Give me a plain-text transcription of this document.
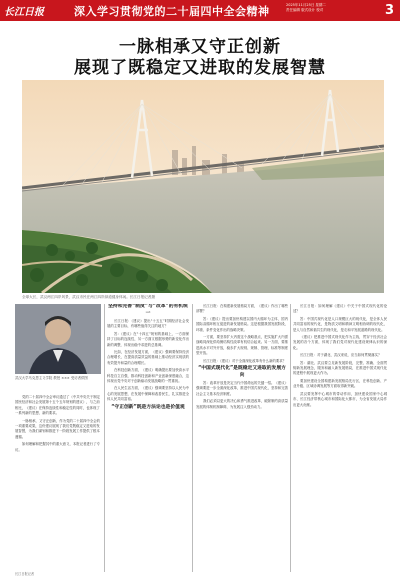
长江日报	深入学习贯彻党的二十届四中全会精神	2025年11月25日 星期二
责任编辑 版式设计 校对	3
一脉相承又守正创新
展现了既稳定又进取的发展智慧
全球大长，武汉两江四岸风景，武汉市民在两江四岸绿道健身休闲。长江日报记者摄
武汉大学马克思主义学院 教授 ××× 受访者供图

党的二十届四中全会审议通过了《中共中央关于制定国民经济和社会发展第十五个五年规划的建议》，与之前相比，《建议》在保持连续性和稳定性的同时，也体现了一系列新的思想、新的要求。

一脉相承，又守正创新，作为党的二十届四中全会的一项重要成果，这份建议展现了我们党既稳定又进取的发展智慧，为我们谋划和推进下一阶段发展工作提供了根本遵循。

如何理解和把握其中的重大意义，本报记者进行了专访。

长江日报记者

坚持和完善“制度”与“改革”的有机统一

长江日报：《建议》提出“十五五”时期经济社会发展的主要目标，有哪些值得关注的地方？

答：《建议》在“十四五”规划的基础上，一方面保持了目标的连续性，另一方面又根据形势的新变化作出新的调整，体现出稳中求进的总基调。

比如，在经济发展方面，《建议》强调要保持经济合理增长，在提高质量效益的基础上推动经济实现质的有效提升和量的合理增长。

在科技创新方面，《建议》明确提出要加快高水平科技自立自强，推动科技创新和产业创新深度融合，这体现出党中央对于创新驱动发展战略的一贯重视。

在人民生活方面，《建议》强调要坚持以人民为中心的发展思想，在发展中保障和改善民生，扎实推进全体人民共同富裕。

“守正创新”既是方法论也是价值观

长江日报：在构建新发展格局方面，《建议》作出了哪些部署？

答：《建议》提出要加快构建以国内大循环为主体、国内国际双循环相互促进的新发展格局。这是根据我国发展阶段、环境、条件变化作出的战略决策。

一方面，要坚持扩大内需这个战略基点，把实施扩大内需战略同深化供给侧结构性改革有机结合起来。另一方面，要推进高水平对外开放，稳步扩大规则、规制、管理、标准等制度型开放。

长江日报：《建议》对于全面深化改革有什么新的要求？

“中国式现代化”是既稳定又进取的发展方向

答：改革开放是决定当代中国命运的关键一招。《建议》强调要进一步全面深化改革，推进中国式现代化，坚持和完善社会主义基本经济制度。

我们必须以更大的决心和勇气推进改革，破除制约高质量发展的体制机制障碍，为发展注入强劲动力。

长江日报：如何理解《建议》中关于中国式现代化的论述？

答：中国式现代化是人口规模巨大的现代化，是全体人民共同富裕的现代化，是物质文明和精神文明相协调的现代化，是人与自然和谐共生的现代化，是走和平发展道路的现代化。

《建议》把推进中国式现代化作为主线，贯穿于经济社会发展的各个方面，体现了我们党对现代化建设规律认识的深化。

长江日报：对于湖北、武汉来说，应当如何贯彻落实？

答：湖北、武汉要立足新发展阶段，完整、准确、全面贯彻新发展理念，服务和融入新发展格局，在推进中国式现代化的进程中展现更大作为。

要加快建设全国构建新发展格局先行区，在科技创新、产业升级、区域协调发展等方面取得新突破。

武汉要发挥中心城市的带动作用，加快建设国家中心城市、长江经济带核心城市和国际化大都市，为全省发展大局作出更大贡献。
